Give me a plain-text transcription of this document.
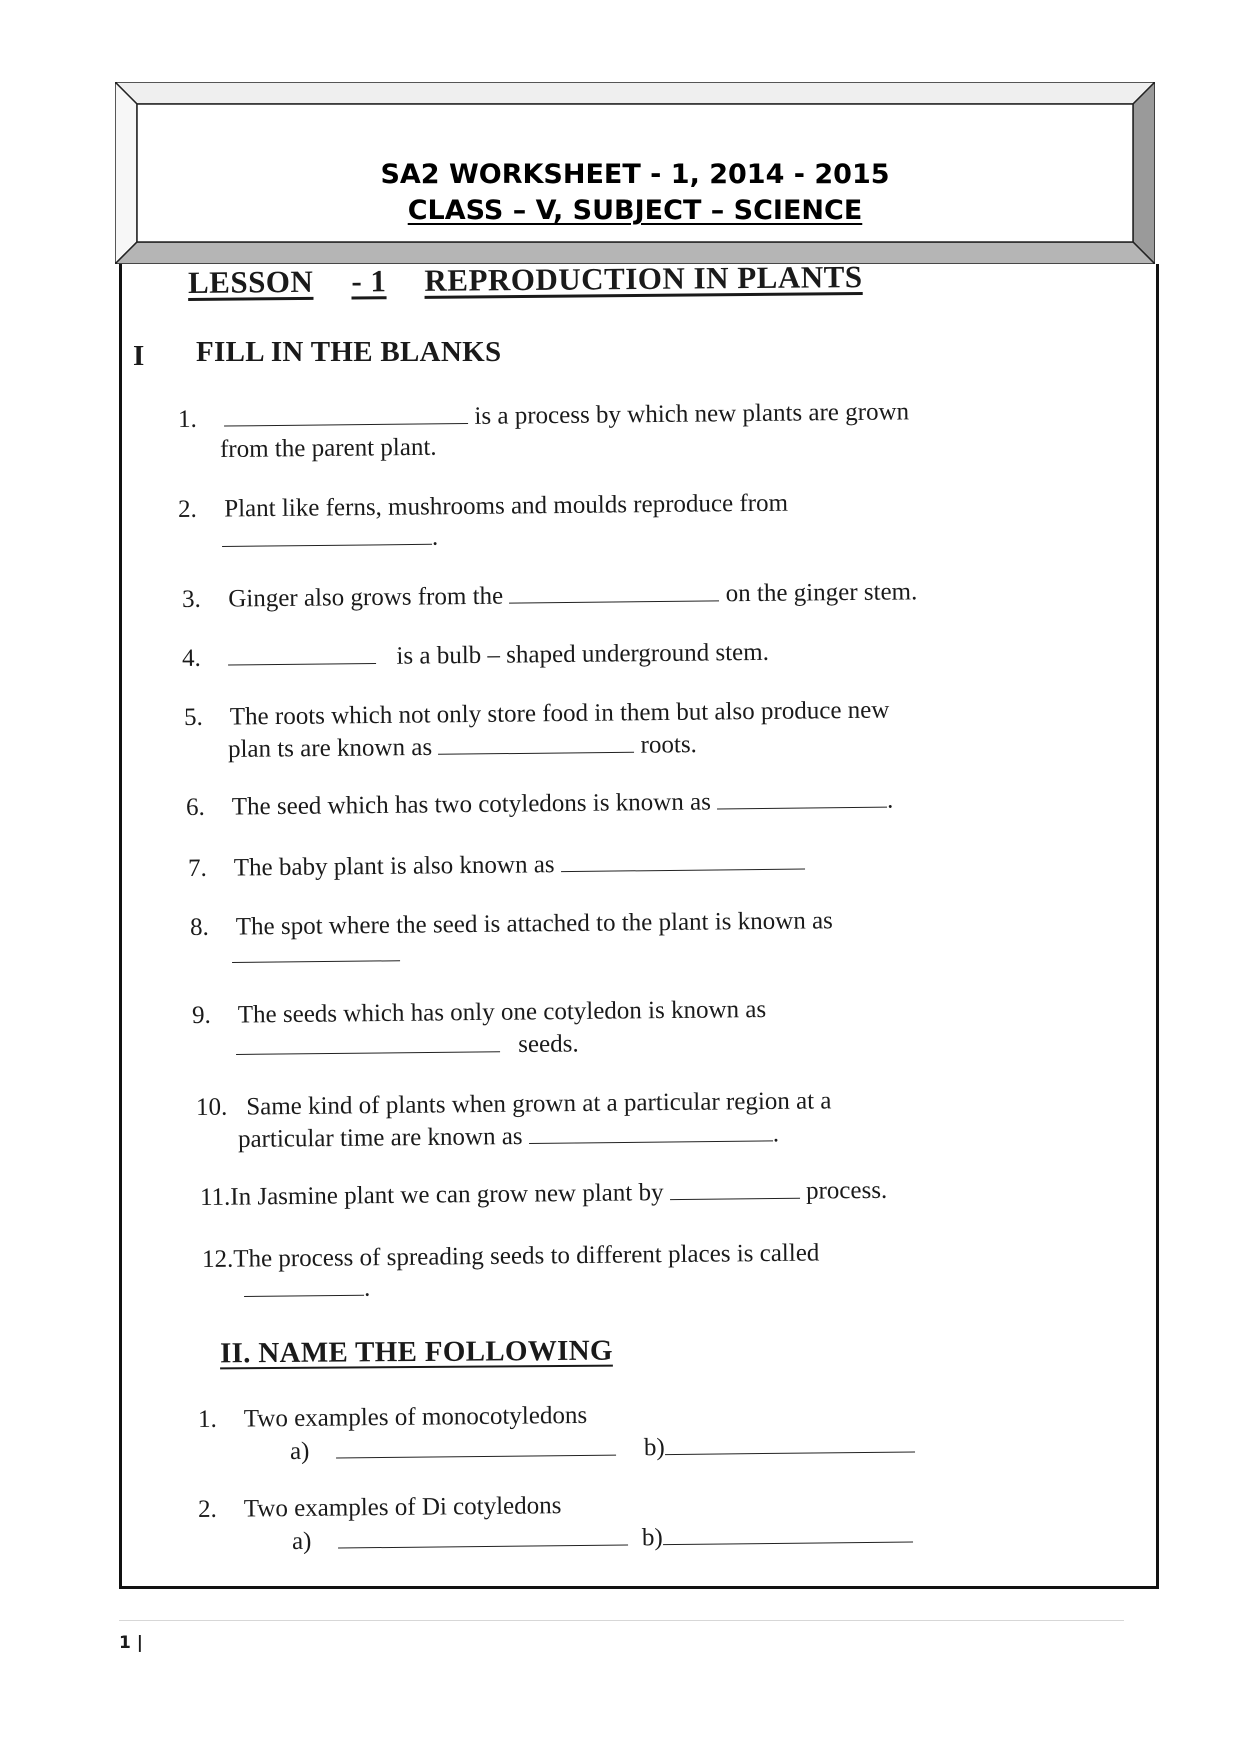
SA2 WORKSHEET - 1, 2014 - 2015
CLASS – V, SUBJECT – SCIENCE
LESSON - 1 REPRODUCTION IN PLANTS
I FILL IN THE BLANKS
1.	is a process by which new plants are grown
from the parent plant.
2. Plant like ferns, mushrooms and moulds reproduce from
.
3. Ginger also grows from the	on the ginger stem.
4.	is a bulb – shaped underground stem.
5. The roots which not only store food in them but also produce new
plan ts are known as	roots.
6. The seed which has two cotyledons is known as	.
7. The baby plant is also known as
8. The spot where the seed is attached to the plant is known as
9. The seeds which has only one cotyledon is known as
seeds.
10. Same kind of plants when grown at a particular region at a
particular time are known as	.
11.In Jasmine plant we can grow new plant by	process.
12.The process of spreading seeds to different places is called
.
II. NAME THE FOLLOWING
1. Two examples of monocotyledons
a)	b)
2. Two examples of Di cotyledons
a)	b)
1 |
